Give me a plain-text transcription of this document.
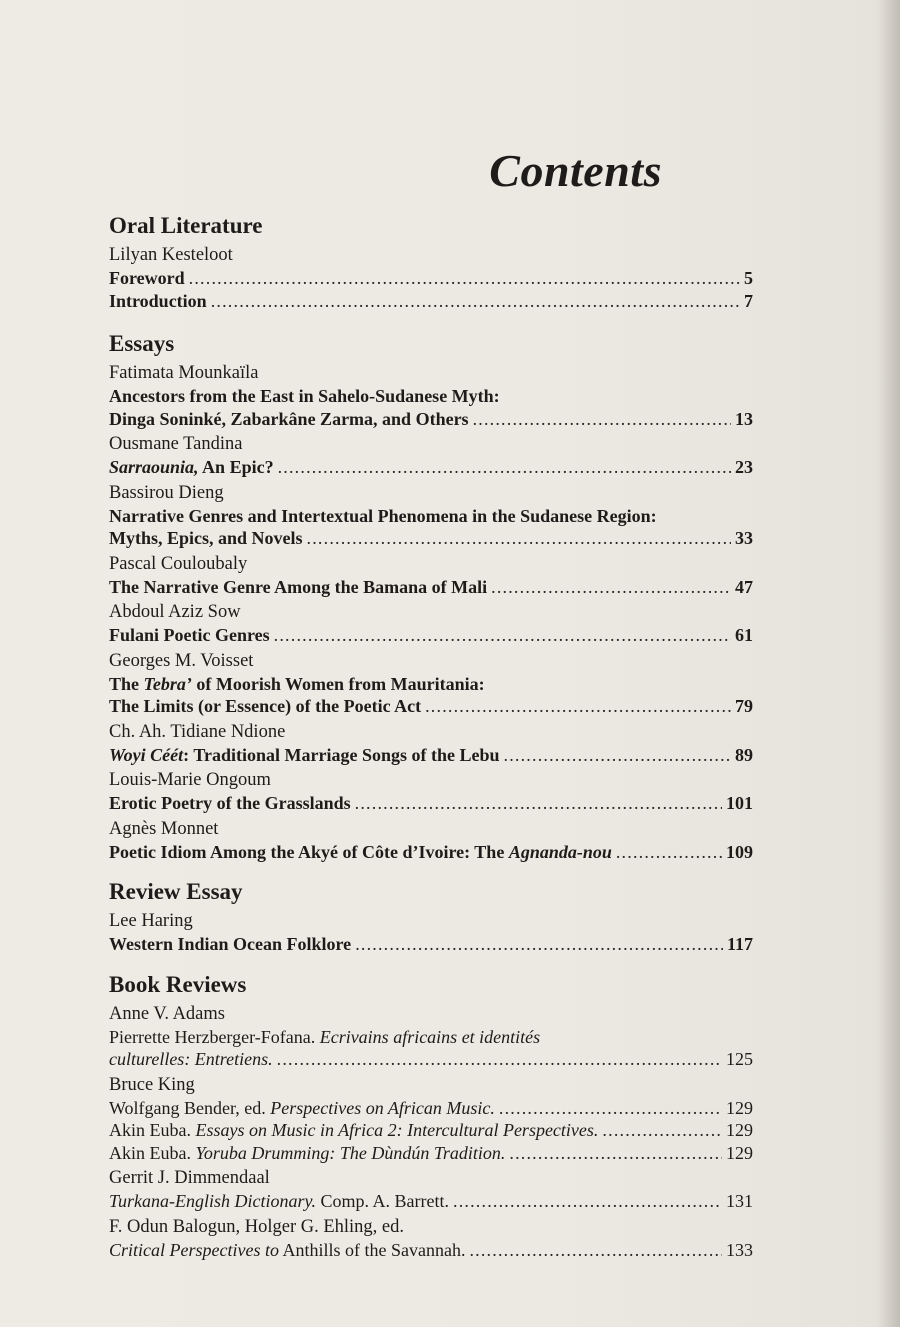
Contents
Oral Literature
Lilyan Kesteloot
Foreword .....	5
Introduction .....	7
Essays
Fatimata Mounkaïla
Ancestors from the East in Sahelo-Sudanese Myth:
Dinga Soninké, Zabarkâne Zarma, and Others .....	13
Ousmane Tandina
Sarraounia, An Epic? .....	23
Bassirou Dieng
Narrative Genres and Intertextual Phenomena in the Sudanese Region:
Myths, Epics, and Novels .....	33
Pascal Couloubaly
The Narrative Genre Among the Bamana of Mali .....	47
Abdoul Aziz Sow
Fulani Poetic Genres .....	61
Georges M. Voisset
The Tebra’ of Moorish Women from Mauritania:
The Limits (or Essence) of the Poetic Act .....	79
Ch. Ah. Tidiane Ndione
Woyi Céét: Traditional Marriage Songs of the Lebu .....	89
Louis-Marie Ongoum
Erotic Poetry of the Grasslands .....	101
Agnès Monnet
Poetic Idiom Among the Akyé of Côte d’Ivoire: The Agnanda-nou .....	109
Review Essay
Lee Haring
Western Indian Ocean Folklore .....	117
Book Reviews
Anne V. Adams
Pierrette Herzberger-Fofana. Ecrivains africains et identités
culturelles: Entretiens. .....	125
Bruce King
Wolfgang Bender, ed. Perspectives on African Music. .....	129
Akin Euba. Essays on Music in Africa 2: Intercultural Perspectives. .....	129
Akin Euba. Yoruba Drumming: The Dùndún Tradition. .....	129
Gerrit J. Dimmendaal
Turkana-English Dictionary. Comp. A. Barrett. .....	131
F. Odun Balogun, Holger G. Ehling, ed.
Critical Perspectives to Anthills of the Savannah. .....	133
